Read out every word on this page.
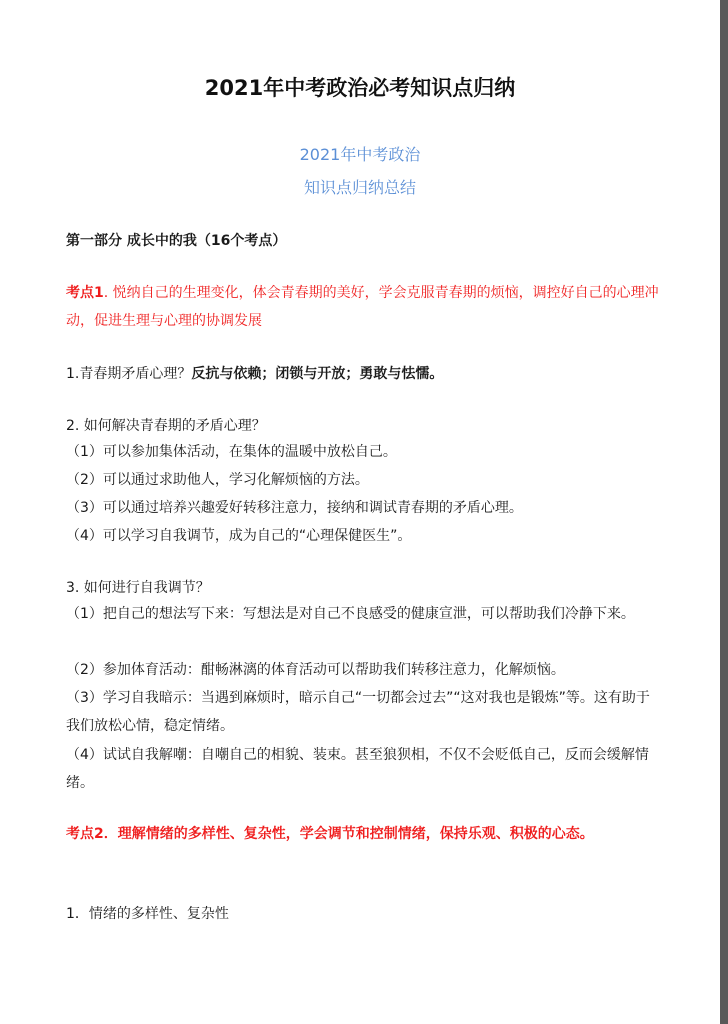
2021年中考政治必考知识点归纳
2021年中考政治
知识点归纳总结
第一部分 成长中的我（16个考点）
考点1. 悦纳自己的生理变化，体会青春期的美好，学会克服青春期的烦恼，调控好自己的心理冲动，促进生理与心理的协调发展
1.青春期矛盾心理？反抗与依赖；闭锁与开放；勇敢与怯懦。
2. 如何解决青春期的矛盾心理？
（1）可以参加集体活动，在集体的温暖中放松自己。
（2）可以通过求助他人，学习化解烦恼的方法。
（3）可以通过培养兴趣爱好转移注意力，接纳和调试青春期的矛盾心理。
（4）可以学习自我调节，成为自己的“心理保健医生”。
3. 如何进行自我调节？
（1）把自己的想法写下来：写想法是对自己不良感受的健康宣泄，可以帮助我们冷静下来。
（2）参加体育活动：酣畅淋漓的体育活动可以帮助我们转移注意力，化解烦恼。
（3）学习自我暗示：当遇到麻烦时，暗示自己“一切都会过去”“这对我也是锻炼”等。这有助于我们放松心情，稳定情绪。
（4）试试自我解嘲：自嘲自己的相貌、装束。甚至狼狈相，不仅不会贬低自己，反而会缓解情绪。
考点2．理解情绪的多样性、复杂性，学会调节和控制情绪，保持乐观、积极的心态。
1．情绪的多样性、复杂性
